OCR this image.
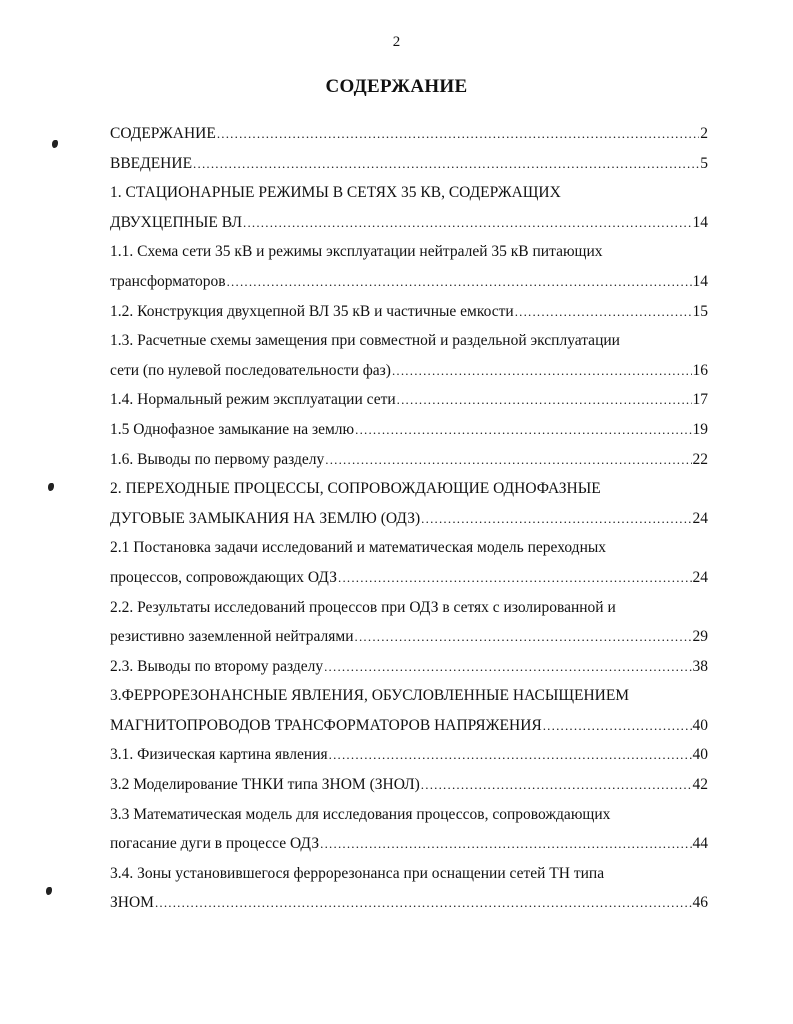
2
СОДЕРЖАНИЕ
СОДЕРЖАНИЕ .....	2
ВВЕДЕНИЕ .....	5
1. СТАЦИОНАРНЫЕ РЕЖИМЫ В СЕТЯХ 35 КВ, СОДЕРЖАЩИХ
ДВУХЦЕПНЫЕ ВЛ .....	14
1.1. Схема сети 35 кВ и режимы эксплуатации нейтралей 35 кВ питающих
трансформаторов .....	14
1.2. Конструкция двухцепной ВЛ 35 кВ и частичные емкости .....	15
1.3. Расчетные схемы замещения при совместной и раздельной эксплуатации
сети (по нулевой последовательности фаз) .....	16
1.4. Нормальный режим эксплуатации сети .....	17
1.5 Однофазное замыкание на землю .....	19
1.6. Выводы по первому разделу .....	22
2. ПЕРЕХОДНЫЕ ПРОЦЕССЫ, СОПРОВОЖДАЮЩИЕ ОДНОФАЗНЫЕ
ДУГОВЫЕ ЗАМЫКАНИЯ НА ЗЕМЛЮ (ОДЗ) .....	24
2.1 Постановка задачи исследований и математическая модель переходных
процессов, сопровождающих ОДЗ .....	24
2.2. Результаты исследований процессов при ОДЗ в сетях с изолированной и
резистивно заземленной нейтралями .....	29
2.3. Выводы по второму разделу .....	38
3.ФЕРРОРЕЗОНАНСНЫЕ ЯВЛЕНИЯ, ОБУСЛОВЛЕННЫЕ НАСЫЩЕНИЕМ
МАГНИТОПРОВОДОВ ТРАНСФОРМАТОРОВ НАПРЯЖЕНИЯ .....	40
3.1. Физическая картина явления .....	40
3.2 Моделирование ТНКИ типа ЗНОМ (ЗНОЛ) .....	42
3.3 Математическая модель для исследования процессов, сопровождающих
погасание дуги в процессе ОДЗ .....	44
3.4. Зоны установившегося феррорезонанса при оснащении сетей ТН типа
ЗНОМ .....	46
